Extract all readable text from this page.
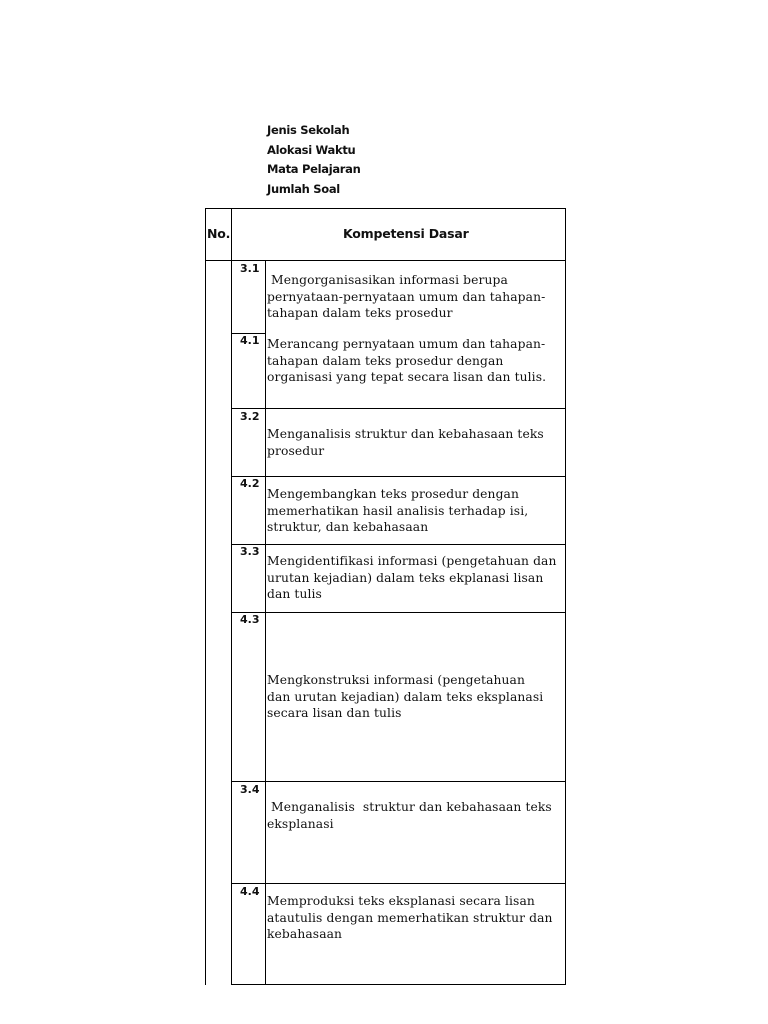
Jenis Sekolah
Alokasi Waktu
Mata Pelajaran
Jumlah Soal
No.	Kompetensi Dasar
3.1
4.1
3.2
4.2
3.3
4.3
3.4
4.4
Mengorganisasikan informasi berupa pernyataan-pernyataan umum dan tahapan-tahapan dalam teks prosedur
Merancang pernyataan umum dan tahapan-tahapan dalam teks prosedur dengan organisasi yang tepat secara lisan dan tulis.
Menganalisis struktur dan kebahasaan teks prosedur
Mengembangkan teks prosedur dengan memerhatikan hasil analisis terhadap isi, struktur, dan kebahasaan
Mengidentifikasi informasi (pengetahuan dan urutan kejadian) dalam teks ekplanasi lisan dan tulis
Mengkonstruksi informasi (pengetahuan dan urutan kejadian) dalam teks eksplanasi secara lisan dan tulis
Menganalisis  struktur dan kebahasaan teks  eksplanasi
Memproduksi teks eksplanasi secara lisan atautulis dengan memerhatikan struktur dan kebahasaan
